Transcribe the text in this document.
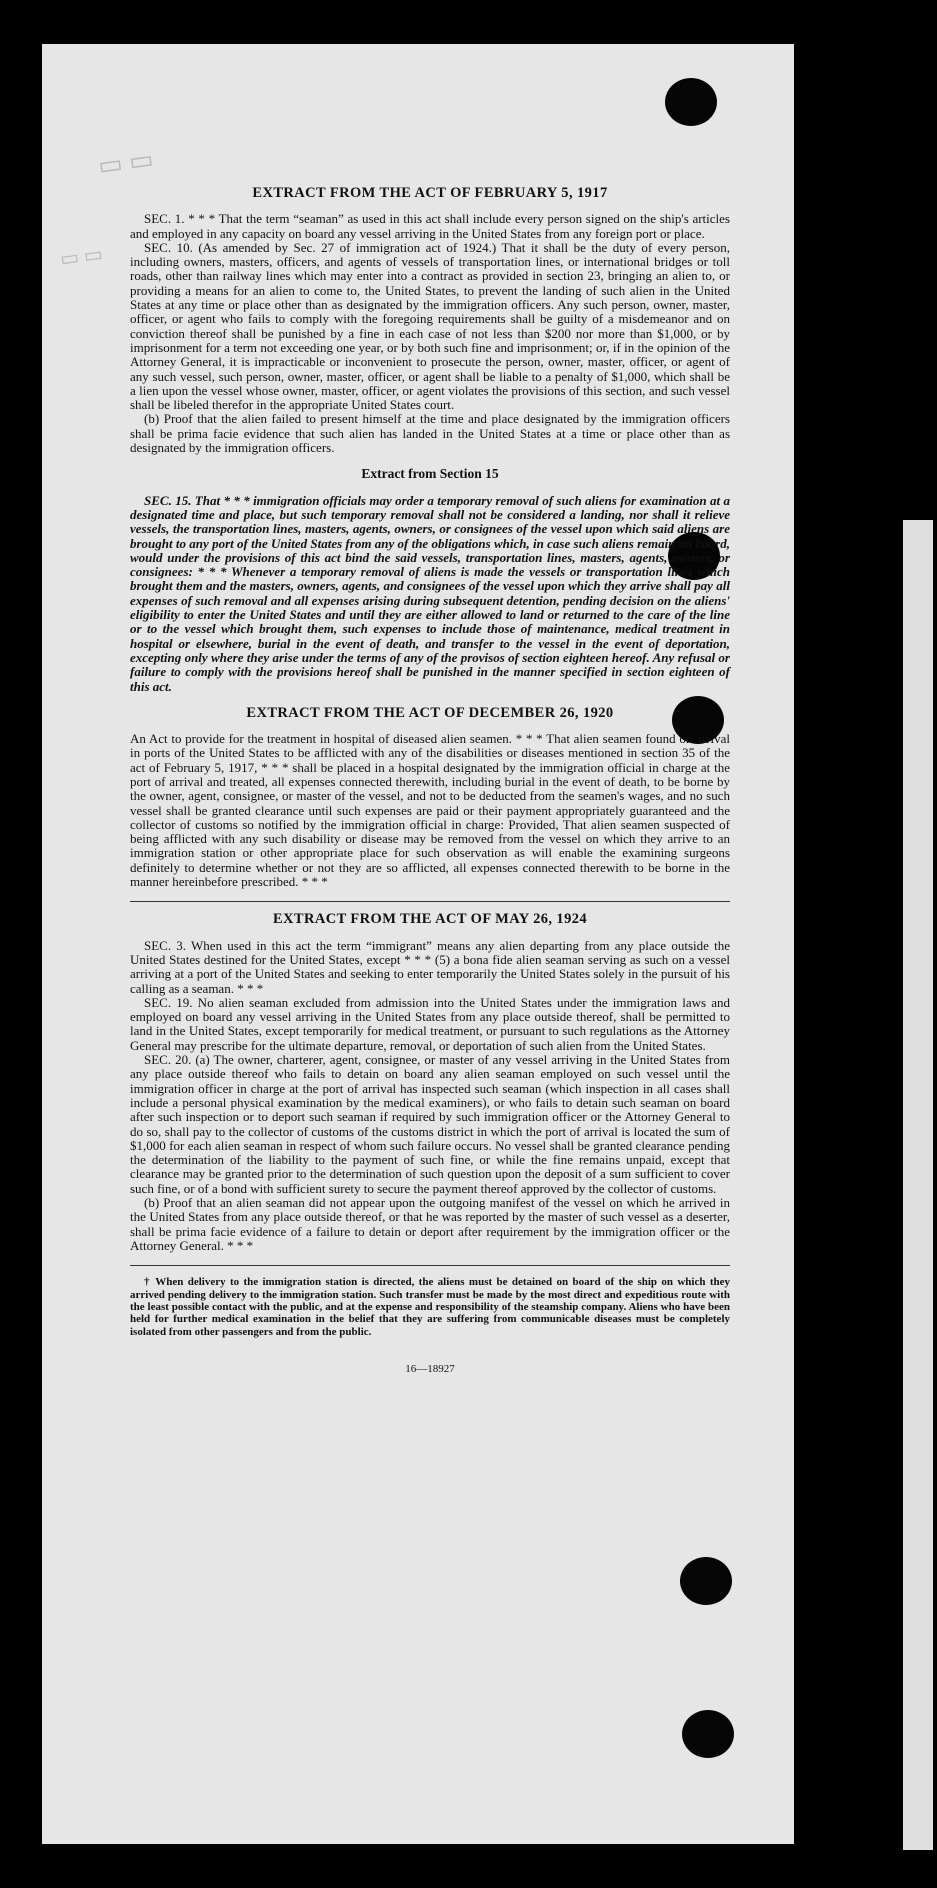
▭ ▭
▭ ▭
EXTRACT FROM THE ACT OF FEBRUARY 5, 1917

SEC. 1. * * * That the term “seaman” as used in this act shall include every person signed on the ship's articles and employed in any capacity on board any vessel arriving in the United States from any foreign port or place.

SEC. 10. (As amended by Sec. 27 of immigration act of 1924.) That it shall be the duty of every person, including owners, masters, officers, and agents of vessels of transportation lines, or international bridges or toll roads, other than railway lines which may enter into a contract as provided in section 23, bringing an alien to, or providing a means for an alien to come to, the United States, to prevent the landing of such alien in the United States at any time or place other than as designated by the immigration officers. Any such person, owner, master, officer, or agent who fails to comply with the foregoing requirements shall be guilty of a misdemeanor and on conviction thereof shall be punished by a fine in each case of not less than $200 nor more than $1,000, or by imprisonment for a term not exceeding one year, or by both such fine and imprisonment; or, if in the opinion of the Attorney General, it is impracticable or inconvenient to prosecute the person, owner, master, officer, or agent of any such vessel, such person, owner, master, officer, or agent shall be liable to a penalty of $1,000, which shall be a lien upon the vessel whose owner, master, officer, or agent violates the provisions of this section, and such vessel shall be libeled therefor in the appropriate United States court.

(b) Proof that the alien failed to present himself at the time and place designated by the immigration officers shall be prima facie evidence that such alien has landed in the United States at a time or place other than as designated by the immigration officers.

Extract from Section 15

SEC. 15. That * * * immigration officials may order a temporary removal of such aliens for examination at a designated time and place, but such temporary removal shall not be considered a landing, nor shall it relieve vessels, the transportation lines, masters, agents, owners, or consignees of the vessel upon which said aliens are brought to any port of the United States from any of the obligations which, in case such aliens remain on board, would under the provisions of this act bind the said vessels, transportation lines, masters, agents, owners, or consignees: * * * Whenever a temporary removal of aliens is made the vessels or transportation lines which brought them and the masters, owners, agents, and consignees of the vessel upon which they arrive shall pay all expenses of such removal and all expenses arising during subsequent detention, pending decision on the aliens' eligibility to enter the United States and until they are either allowed to land or returned to the care of the line or to the vessel which brought them, such expenses to include those of maintenance, medical treatment in hospital or elsewhere, burial in the event of death, and transfer to the vessel in the event of deportation, excepting only where they arise under the terms of any of the provisos of section eighteen hereof. Any refusal or failure to comply with the provisions hereof shall be punished in the manner specified in section eighteen of this act.

EXTRACT FROM THE ACT OF DECEMBER 26, 1920

An Act to provide for the treatment in hospital of diseased alien seamen. * * * That alien seamen found on arrival in ports of the United States to be afflicted with any of the disabilities or diseases mentioned in section 35 of the act of February 5, 1917, * * * shall be placed in a hospital designated by the immigration official in charge at the port of arrival and treated, all expenses connected therewith, including burial in the event of death, to be borne by the owner, agent, consignee, or master of the vessel, and not to be deducted from the seamen's wages, and no such vessel shall be granted clearance until such expenses are paid or their payment appropriately guaranteed and the collector of customs so notified by the immigration official in charge: Provided, That alien seamen suspected of being afflicted with any such disability or disease may be removed from the vessel on which they arrive to an immigration station or other appropriate place for such observation as will enable the examining surgeons definitely to determine whether or not they are so afflicted, all expenses connected therewith to be borne in the manner hereinbefore prescribed. * * *

EXTRACT FROM THE ACT OF MAY 26, 1924

SEC. 3. When used in this act the term “immigrant” means any alien departing from any place outside the United States destined for the United States, except * * * (5) a bona fide alien seaman serving as such on a vessel arriving at a port of the United States and seeking to enter temporarily the United States solely in the pursuit of his calling as a seaman. * * *

SEC. 19. No alien seaman excluded from admission into the United States under the immigration laws and employed on board any vessel arriving in the United States from any place outside thereof, shall be permitted to land in the United States, except temporarily for medical treatment, or pursuant to such regulations as the Attorney General may prescribe for the ultimate departure, removal, or deportation of such alien from the United States.

SEC. 20. (a) The owner, charterer, agent, consignee, or master of any vessel arriving in the United States from any place outside thereof who fails to detain on board any alien seaman employed on such vessel until the immigration officer in charge at the port of arrival has inspected such seaman (which inspection in all cases shall include a personal physical examination by the medical examiners), or who fails to detain such seaman on board after such inspection or to deport such seaman if required by such immigration officer or the Attorney General to do so, shall pay to the collector of customs of the customs district in which the port of arrival is located the sum of $1,000 for each alien seaman in respect of whom such failure occurs. No vessel shall be granted clearance pending the determination of the liability to the payment of such fine, or while the fine remains unpaid, except that clearance may be granted prior to the determination of such question upon the deposit of a sum sufficient to cover such fine, or of a bond with sufficient surety to secure the payment thereof approved by the collector of customs.

(b) Proof that an alien seaman did not appear upon the outgoing manifest of the vessel on which he arrived in the United States from any place outside thereof, or that he was reported by the master of such vessel as a deserter, shall be prima facie evidence of a failure to detain or deport after requirement by the immigration officer or the Attorney General. * * *

† When delivery to the immigration station is directed, the aliens must be detained on board of the ship on which they arrived pending delivery to the immigration station. Such transfer must be made by the most direct and expeditious route with the least possible contact with the public, and at the expense and responsibility of the steamship company. Aliens who have been held for further medical examination in the belief that they are suffering from communicable diseases must be completely isolated from other passengers and from the public.

16—18927
